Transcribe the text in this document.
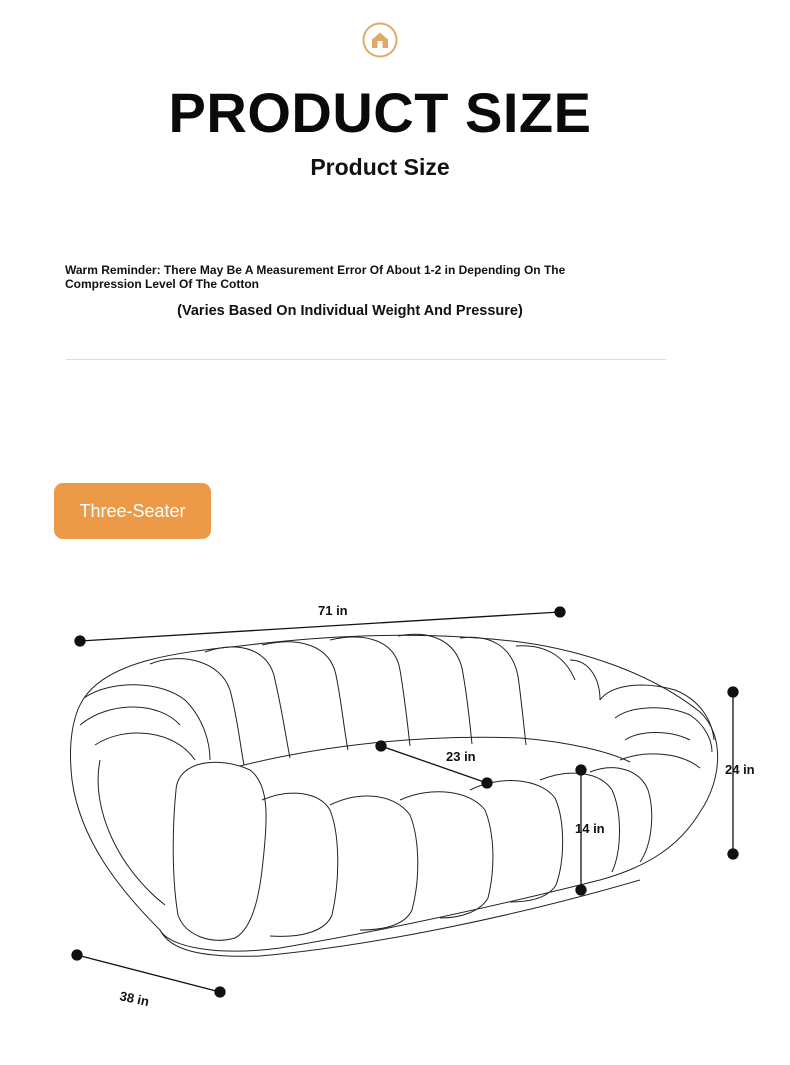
PRODUCT SIZE
Product Size

Warm Reminder: There May Be A Measurement Error Of About 1-2 in Depending On The Compression Level Of The Cotton

(Varies Based On Individual Weight And Pressure)

Three-Seater
71 in
38 in
23 in
14 in
24 in
